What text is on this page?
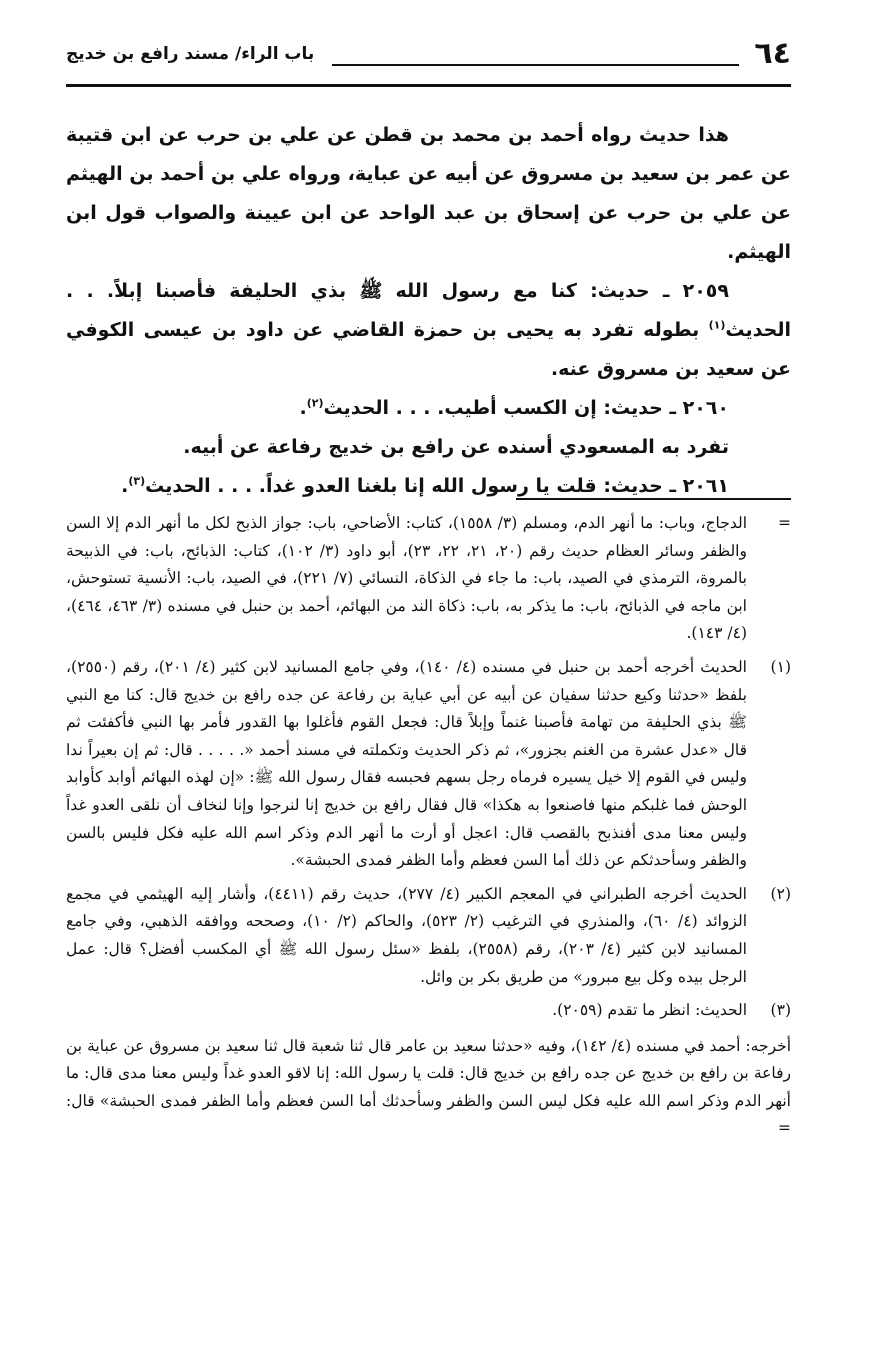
٦٤
باب الراء/ مسند رافع بن خديج

هذا حديث رواه أحمد بن محمد بن قطن عن علي بن حرب عن ابن قتيبة عن عمر بن سعيد بن مسروق عن أبيه عن عباية، ورواه علي بن أحمد بن الهيثم عن علي بن حرب عن إسحاق بن عبد الواحد عن ابن عيينة والصواب قول ابن الهيثم.

٢٠٥٩ ـ حديث: كنا مع رسول الله ﷺ بذي الحليفة فأصبنا إبلاً. . . الحديث$^{(١)}$ بطوله تفرد به يحيى بن حمزة القاضي عن داود بن عيسى الكوفي عن سعيد بن مسروق عنه.

٢٠٦٠ ـ حديث: إن الكسب أطيب. . . . الحديث$^{(٢)}$.

تفرد به المسعودي أسنده عن رافع بن خديج رفاعة عن أبيه.

٢٠٦١ ـ حديث: قلت يا رسول الله إنا بلغنا العدو غداً. . . . الحديث$^{(٣)}$.

=

الدجاج، وباب: ما أنهر الدم، ومسلم (٣/ ١٥٥٨)، كتاب: الأضاحي، باب: جواز الذبح لكل ما أنهر الدم إلا السن والظفر وسائر العظام حديث رقم (٢٠، ٢١، ٢٢، ٢٣)، أبو داود (٣/ ١٠٢)، كتاب: الذبائح، باب: في الذبيحة بالمروة، الترمذي في الصيد، باب: ما جاء في الذكاة، النسائي (٧/ ٢٢١)، في الصيد، باب: الأنسية تستوحش، ابن ماجه في الذبائح، باب: ما يذكر به، باب: ذكاة الند من البهائم، أحمد بن حنبل في مسنده (٣/ ٤٦٣، ٤٦٤)، (٤/ ١٤٣).

(١)

الحديث أخرجه أحمد بن حنبل في مسنده (٤/ ١٤٠)، وفي جامع المسانيد لابن كثير (٤/ ٢٠١)، رقم (٢٥٥٠)، بلفظ «حدثنا وكيع حدثنا سفيان عن أبيه عن أبي عباية بن رفاعة عن جده رافع بن خديج قال: كنا مع النبي ﷺ بذي الحليفة من تهامة فأصبنا غنماً وإبلاً قال: فجعل القوم فأغلوا بها القدور فأمر بها النبي فأكفئت ثم قال «عدل عشرة من الغنم بجزور»، ثم ذكر الحديث وتكملته في مسند أحمد «. . . . . قال: ثم إن بعيراً ندا وليس في القوم إلا خيل يسيره فرماه رجل بسهم فحبسه فقال رسول الله ﷺ: «إن لهذه البهائم أوابد كأوابد الوحش فما غلبكم منها فاصنعوا به هكذا» قال فقال رافع بن خديج إنا لنرجوا وإنا لنخاف أن نلقى العدو غداً وليس معنا مدى أفنذبح بالقصب قال: اعجل أو أرت ما أنهر الدم وذكر اسم الله عليه فكل فليس بالسن والظفر وسأحدثكم عن ذلك أما السن فعظم وأما الظفر فمدى الحبشة».

(٢)

الحديث أخرجه الطبراني في المعجم الكبير (٤/ ٢٧٧)، حديث رقم (٤٤١١)، وأشار إليه الهيثمي في مجمع الزوائد (٤/ ٦٠)، والمنذري في الترغيب (٢/ ٥٢٣)، والحاكم (٢/ ١٠)، وصححه ووافقه الذهبي، وفي جامع المسانيد لابن كثير (٤/ ٢٠٣)، رقم (٢٥٥٨)، بلفظ «سئل رسول الله ﷺ أي المكسب أفضل؟ قال: عمل الرجل بيده وكل بيع مبرور» من طريق بكر بن وائل.

(٣)

الحديث: انظر ما تقدم (٢٠٥٩).

أخرجه: أحمد في مسنده (٤/ ١٤٢)، وفيه «حدثنا سعيد بن عامر قال ثنا شعبة قال ثنا سعيد بن مسروق عن عباية بن رفاعة بن رافع بن خديج عن جده رافع بن خديج قال: قلت يا رسول الله: إنا لاقو العدو غداً وليس معنا مدى قال: ما أنهر الدم وذكر اسم الله عليه فكل ليس السن والظفر وسأحدثك أما السن فعظم وأما الظفر فمدى الحبشة» قال: =
